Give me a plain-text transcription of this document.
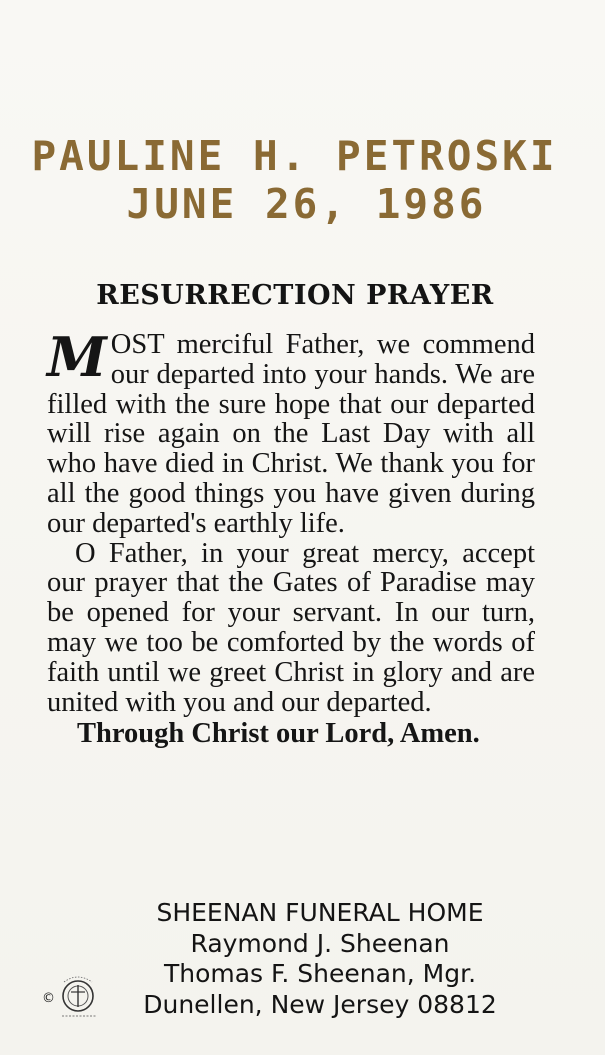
PAULINE H. PETROSKI
JUNE 26, 1986
RESURRECTION PRAYER

MOST merciful Father, we commend our departed into your hands. We are filled with the sure hope that our departed will rise again on the Last Day with all who have died in Christ. We thank you for all the good things you have given during our departed's earthly life.

O Father, in your great mercy, accept our prayer that the Gates of Paradise may be opened for your servant. In our turn, may we too be comforted by the words of faith until we greet Christ in glory and are united with you and our departed.

Through Christ our Lord, Amen.

SHEENAN FUNERAL HOME
Raymond J. Sheenan
Thomas F. Sheenan, Mgr.
Dunellen, New Jersey 08812
©
